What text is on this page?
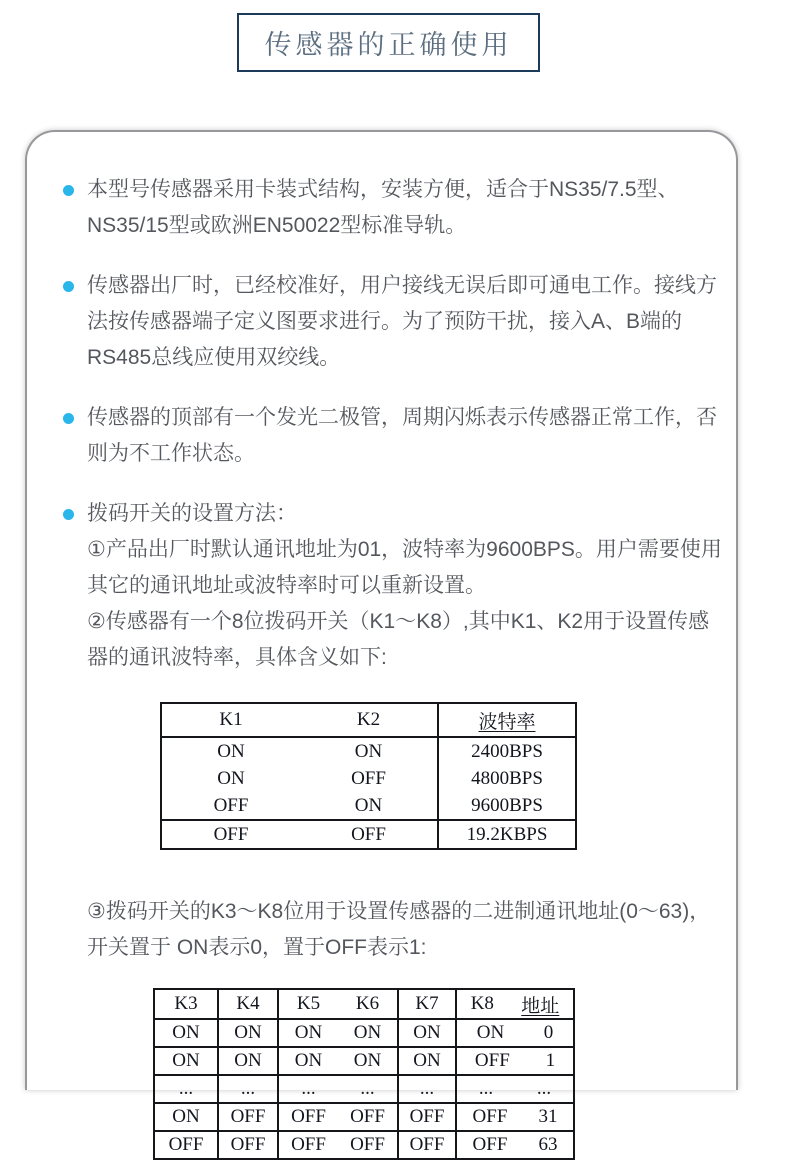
传感器的正确使用
本型号传感器采用卡装式结构，安装方便，适合于NS35/7.5型、NS35/15型或欧洲EN50022型标准导轨。
传感器出厂时，已经校准好，用户接线无误后即可通电工作。接线方法按传感器端子定义图要求进行。为了预防干扰，接入A、B端的RS485总线应使用双绞线。
传感器的顶部有一个发光二极管，周期闪烁表示传感器正常工作，否则为不工作状态。
拨码开关的设置方法：
①产品出厂时默认通讯地址为01，波特率为9600BPS。用户需要使用其它的通讯地址或波特率时可以重新设置。
②传感器有一个8位拨码开关（K1～K8）,其中K1、K2用于设置传感器的通讯波特率，具体含义如下:
K1	K2	波特率
ON	ON	2400BPS
ON	OFF	4800BPS
OFF	ON	9600BPS
OFF	OFF	19.2KBPS

③拨码开关的K3～K8位用于设置传感器的二进制通讯地址(0～63)，开关置于 ON表示0，置于OFF表示1:

K3 K4 K5 K6 K7 K8 地址
ON ON ON ON ON ON 0
ON ON ON ON ON OFF 1
...	... ... ... ... ... ...
ON OFF OFF OFF OFF OFF 31
OFF OFF OFF OFF OFF OFF 63
